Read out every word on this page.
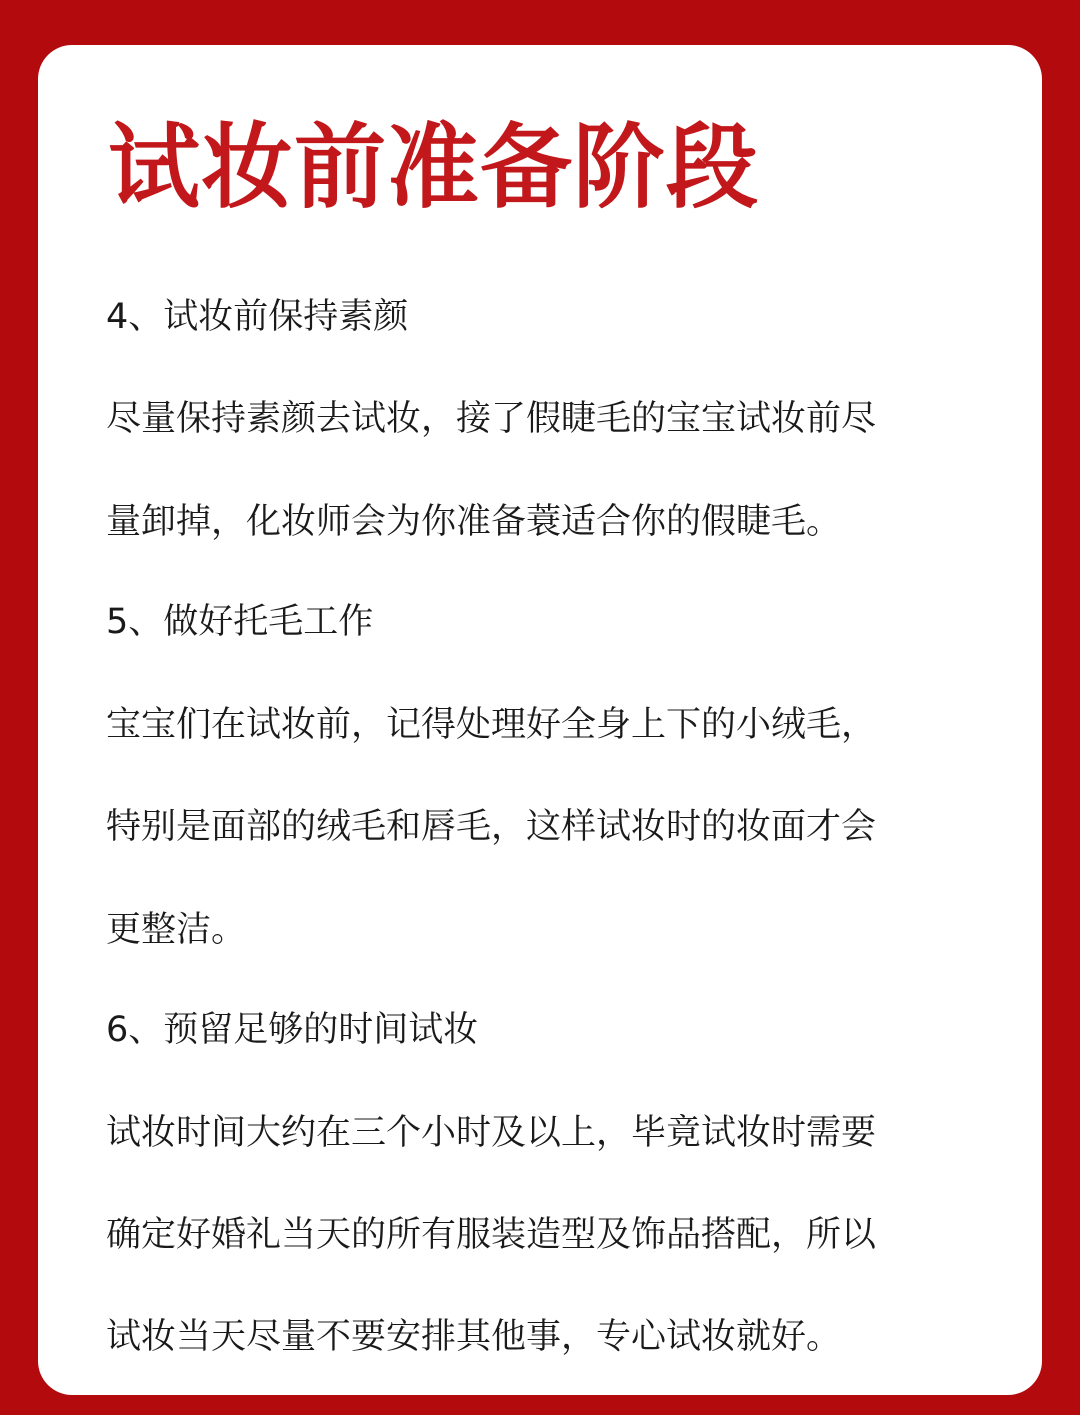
试妆前准备阶段
4、试妆前保持素颜

尽量保持素颜去试妆，接了假睫毛的宝宝试妆前尽

量卸掉，化妆师会为你准备蓑适合你的假睫毛。

5、做好托毛工作

宝宝们在试妆前，记得处理好全身上下的小绒毛，

特别是面部的绒毛和唇毛，这样试妆时的妆面才会

更整洁。

6、预留足够的时间试妆

试妆时间大约在三个小时及以上，毕竟试妆时需要

确定好婚礼当天的所有服装造型及饰品搭配，所以

试妆当天尽量不要安排其他事，专心试妆就好。
